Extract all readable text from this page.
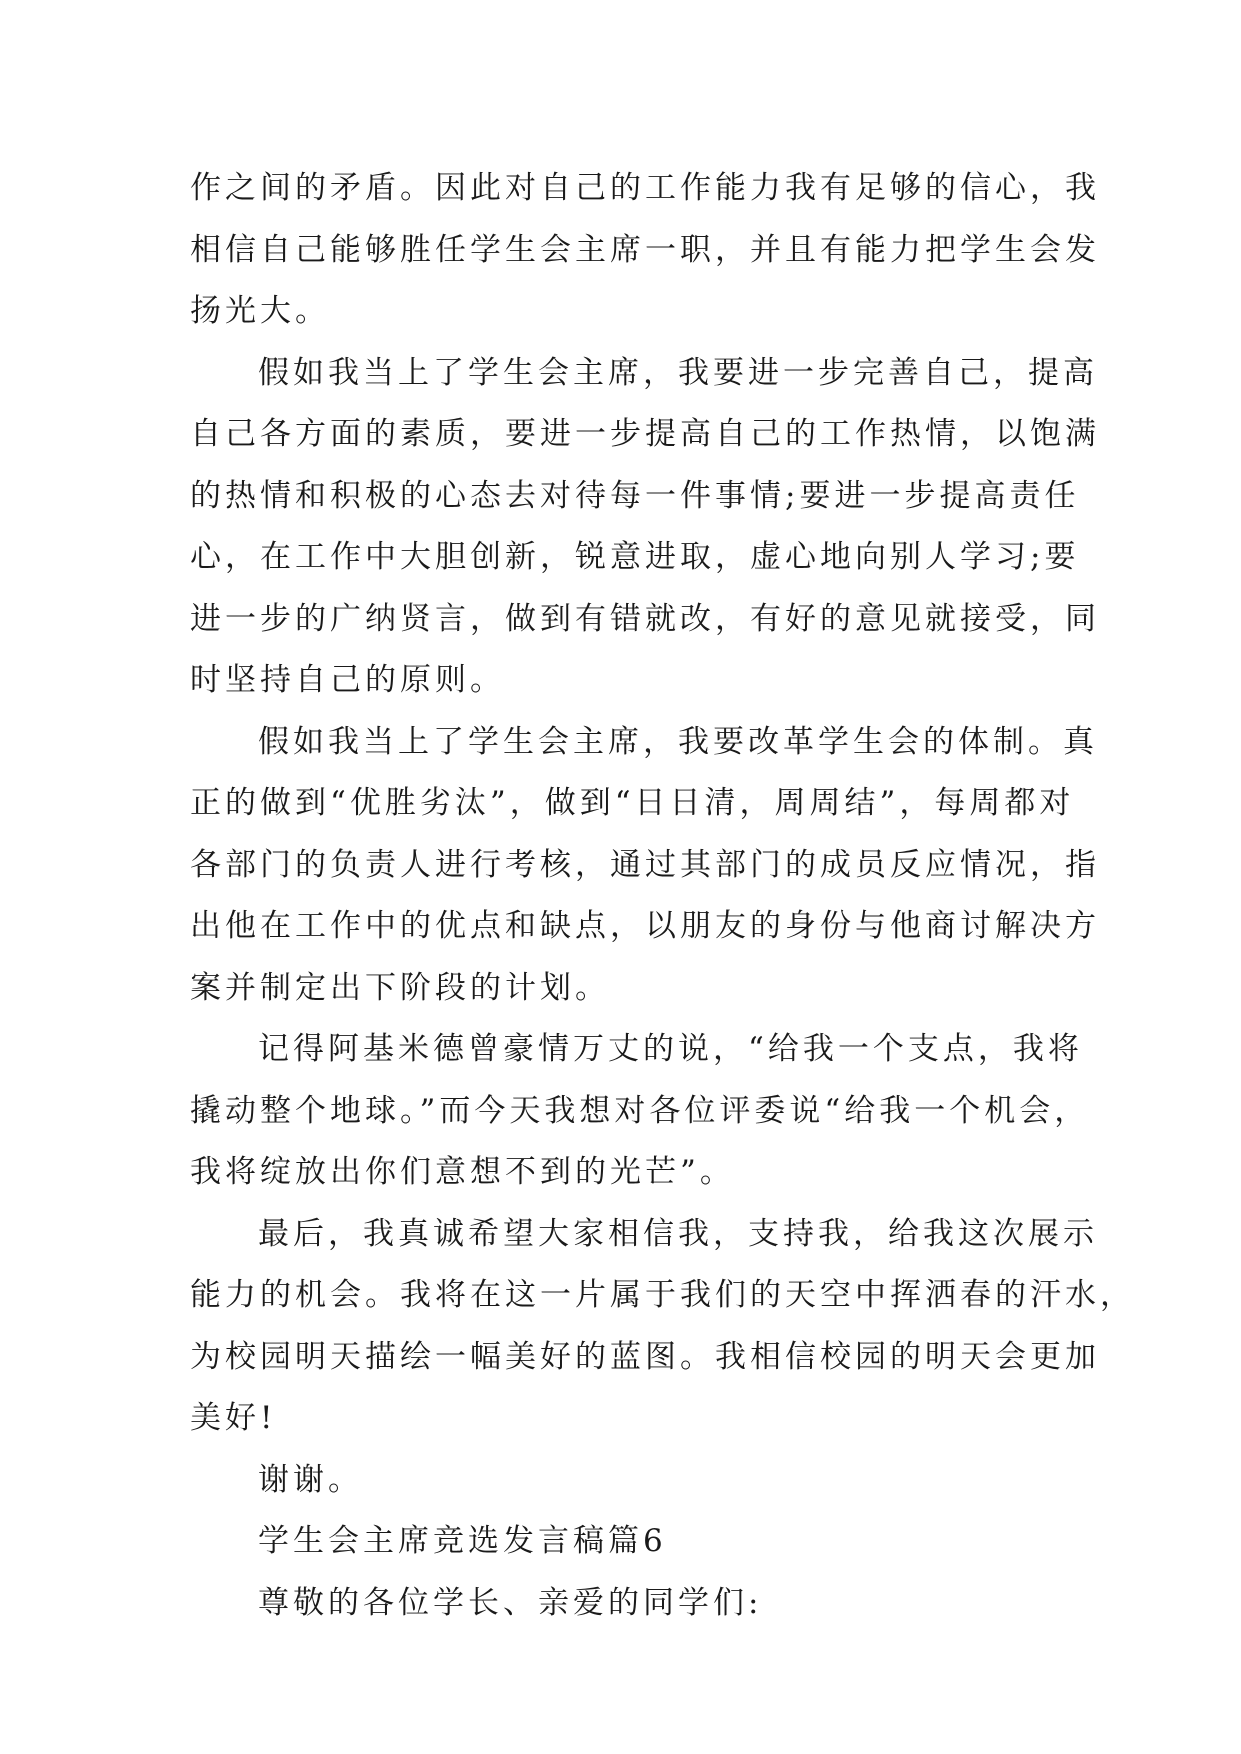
作之间的矛盾。因此对自己的工作能力我有足够的信心，我
相信自己能够胜任学生会主席一职，并且有能力把学生会发
扬光大。

假如我当上了学生会主席，我要进一步完善自己，提高
自己各方面的素质，要进一步提高自己的工作热情，以饱满
的热情和积极的心态去对待每一件事情;要进一步提高责任
心，在工作中大胆创新，锐意进取，虚心地向别人学习;要
进一步的广纳贤言，做到有错就改，有好的意见就接受，同
时坚持自己的原则。

假如我当上了学生会主席，我要改革学生会的体制。真
正的做到“优胜劣汰”，做到“日日清，周周结”，每周都对
各部门的负责人进行考核，通过其部门的成员反应情况，指
出他在工作中的优点和缺点，以朋友的身份与他商讨解决方
案并制定出下阶段的计划。

记得阿基米德曾豪情万丈的说，“给我一个支点，我将
撬动整个地球。”而今天我想对各位评委说“给我一个机会，
我将绽放出你们意想不到的光芒”。

最后，我真诚希望大家相信我，支持我，给我这次展示
能力的机会。我将在这一片属于我们的天空中挥洒春的汗水，
为校园明天描绘一幅美好的蓝图。我相信校园的明天会更加
美好!

谢谢。

学生会主席竞选发言稿篇6

尊敬的各位学长、亲爱的同学们:
